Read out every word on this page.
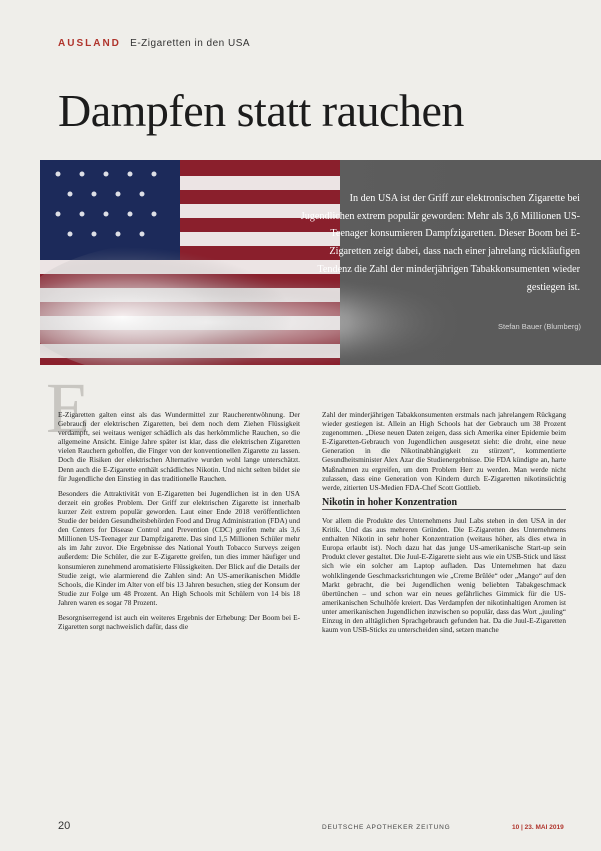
AUSLAND E-Zigaretten in den USA
Dampfen statt rauchen
Stefan Bauer (Blumberg)
In den USA ist der Griff zur elektronischen Zigarette bei Jugendlichen extrem populär geworden: Mehr als 3,6 Millionen US-Teenager konsumieren Dampfzigaretten. Dieser Boom bei E-Zigaretten zeigt dabei, dass nach einer jahrelang rückläufigen Tendenz die Zahl der minderjährigen Tabakkonsumenten wieder gestiegen ist.
E

E-Zigaretten galten einst als das Wundermittel zur Raucherentwöhnung. Der Gebrauch der elektrischen Zigaretten, bei dem noch dem Ziehen Flüssigkeit verdampft, sei weitaus weniger schädlich als das herkömmliche Rauchen, so die allgemeine Ansicht. Einige Jahre später ist klar, dass die elektrischen Zigaretten vielen Rauchern geholfen, die Finger von der konventionellen Zigarette zu lassen. Doch die Risiken der elektrischen Alternative wurden wohl lange unterschätzt. Denn auch die E-Zigarette enthält schädliches Nikotin. Und nicht selten bildet sie für Jugendliche den Einstieg in das traditionelle Rauchen.

Besonders die Attraktivität von E-Zigaretten bei Jugendlichen ist in den USA derzeit ein großes Problem. Der Griff zur elektrischen Zigarette ist innerhalb kurzer Zeit extrem populär geworden. Laut einer Ende 2018 veröffentlichten Studie der beiden Gesundheitsbehörden Food and Drug Administration (FDA) und den Centers for Disease Control and Prevention (CDC) greifen mehr als 3,6 Millionen US-Teenager zur Dampfzigarette. Das sind 1,5 Millionen Schüler mehr als im Jahr zuvor. Die Ergebnisse des National Youth Tobacco Surveys zeigen außerdem: Die Schüler, die zur E-Zigarette greifen, tun dies immer häufiger und konsumieren zunehmend aromatisierte Flüssigkeiten. Der Blick auf die Details der Studie zeigt, wie alarmierend die Zahlen sind: An US-amerikanischen Middle Schools, die Kinder im Alter von elf bis 13 Jahren besuchen, stieg der Konsum der Studie zur Folge um 48 Prozent. An High Schools mit Schülern von 14 bis 18 Jahren waren es sogar 78 Prozent.

Besorgniserregend ist auch ein weiteres Ergebnis der Erhebung: Der Boom bei E-Zigaretten sorgt nachweislich dafür, dass die

Zahl der minderjährigen Tabakkonsumenten erstmals nach jahrelangem Rückgang wieder gestiegen ist. Allein an High Schools hat der Gebrauch um 38 Prozent zugenommen. „Diese neuen Daten zeigen, dass sich Amerika einer Epidemie beim E-Zigaretten-Gebrauch von Jugendlichen ausgesetzt sieht: die droht, eine neue Generation in die Nikotinabhängigkeit zu stürzen“, kommentierte Gesundheitsminister Alex Azar die Studienergebnisse. Die FDA kündigte an, harte Maßnahmen zu ergreifen, um dem Problem Herr zu werden. Man werde nicht zulassen, dass eine Generation von Kindern durch E-Zigaretten nikotinsüchtig werde, zitierten US-Medien FDA-Chef Scott Gottlieb.

Nikotin in hoher Konzentration

Vor allem die Produkte des Unternehmens Juul Labs stehen in den USA in der Kritik. Und das aus mehreren Gründen. Die E-Zigaretten des Unternehmens enthalten Nikotin in sehr hoher Konzentration (weitaus höher, als dies etwa in Europa erlaubt ist). Noch dazu hat das junge US-amerikanische Start-up sein Produkt clever gestaltet. Die Juul-E-Zigarette sieht aus wie ein USB-Stick und lässt sich wie ein solcher am Laptop aufladen. Das Unternehmen hat dazu wohlklingende Geschmacksrichtungen wie „Creme Brûlée“ oder „Mango“ auf den Markt gebracht, die bei Jugendlichen wenig beliebten Tabakgeschmack übertünchen – und schon war ein neues gefährliches Gimmick für die US-amerikanischen Schulhöfe kreiert. Das Verdampfen der nikotinhaltigen Aromen ist unter amerikanischen Jugendlichen inzwischen so populär, dass das Wort „juuling“ Einzug in den alltäglichen Sprachgebrauch gefunden hat. Da die Juul-E-Zigaretten kaum von USB-Sticks zu unterscheiden sind, setzen manche

20	DEUTSCHE APOTHEKER ZEITUNG	10 | 23. MAI 2019
